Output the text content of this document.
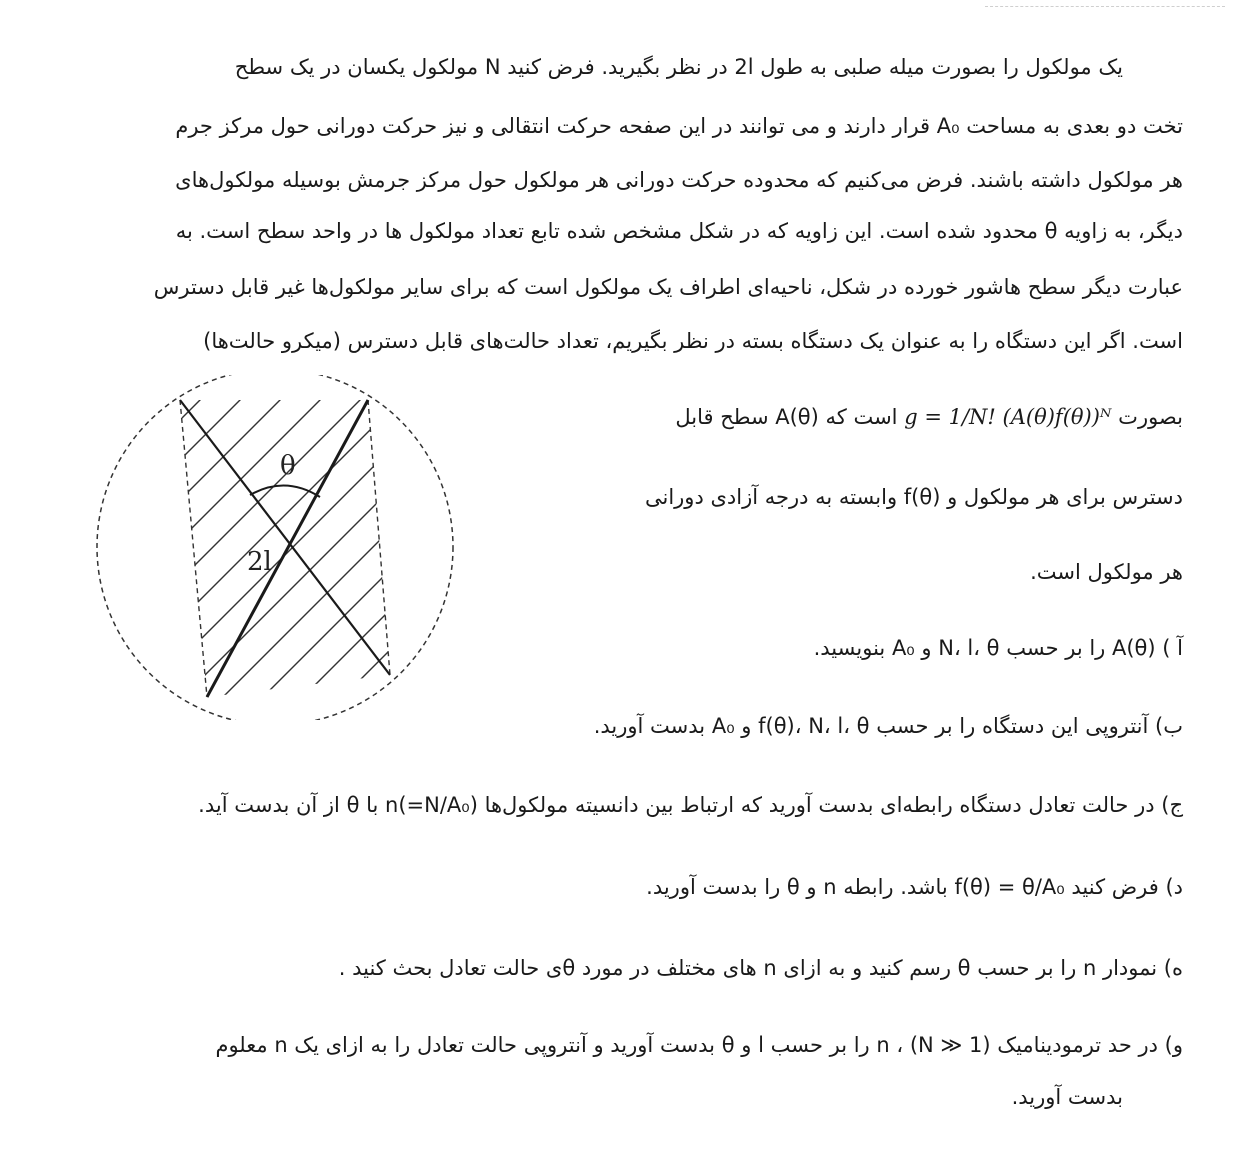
یک مولکول را بصورت میله صلبی به طول 2l در نظر بگیرید. فرض کنید N مولکول یکسان در یک سطح
تخت دو بعدی به مساحت A₀ قرار دارند و می توانند در این صفحه حرکت انتقالی و نیز حرکت دورانی حول مرکز جرم
هر مولکول داشته باشند. فرض می‌کنیم که محدوده حرکت دورانی هر مولکول حول مرکز جرمش بوسیله مولکول‌های
دیگر، به زاویه θ محدود شده است. این زاویه که در شکل مشخص شده تابع تعداد مولکول ها در واحد سطح است. به
عبارت دیگر سطح هاشور خورده در شکل، ناحیه‌ای اطراف یک مولکول است که برای سایر مولکول‌ها غیر قابل دسترس
است. اگر این دستگاه را به عنوان یک دستگاه بسته در نظر بگیریم، تعداد حالت‌های قابل دسترس (میکرو حالت‌ها)
بصورت g = 1/N! (A(θ)f(θ))ᴺ است که A(θ) سطح قابل
دسترس برای هر مولکول و f(θ) وابسته به درجه آزادی دورانی
هر مولکول است.
θ
2l
آ ) A(θ) را بر حسب N، l، θ و A₀ بنویسید.
ب) آنتروپی این دستگاه را بر حسب f(θ)، N، l، θ و A₀ بدست آورید.
ج) در حالت تعادل دستگاه رابطه‌ای بدست آورید که ارتباط بین دانسیته مولکول‌ها (n(=N/A₀ با θ از آن بدست آید.
د) فرض کنید f(θ) = θ/A₀ باشد. رابطه n و θ را بدست آورید.
ه) نمودار n را بر حسب θ رسم کنید و به ازای n های مختلف در مورد θی حالت تعادل بحث کنید .
و) در حد ترمودینامیک (N ≫ 1) ، n را بر حسب l و θ بدست آورید و آنتروپی حالت تعادل را به ازای یک n معلوم
بدست آورید.
